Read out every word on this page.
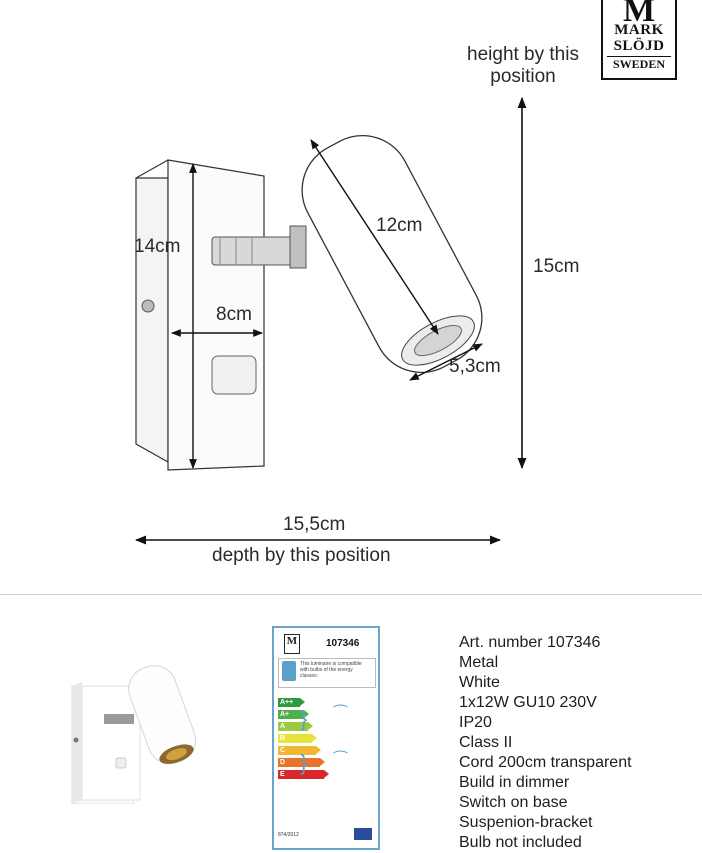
M
MARK
SLÖJD
SWEDEN
height by this position
15cm
14cm
8cm
12cm
5,3cm
15,5cm
depth by this position
M	107346
This luminaire is compatible with bulbs of the energy classes:
A++
A+
A
B
C
D
E
⁀
⁀
}
}
874/2012
Art. number 107346
Metal
White
1x12W GU10 230V
IP20
Class II
Cord 200cm transparent
Build in dimmer
Switch on base
Suspenion-bracket
Bulb not included
